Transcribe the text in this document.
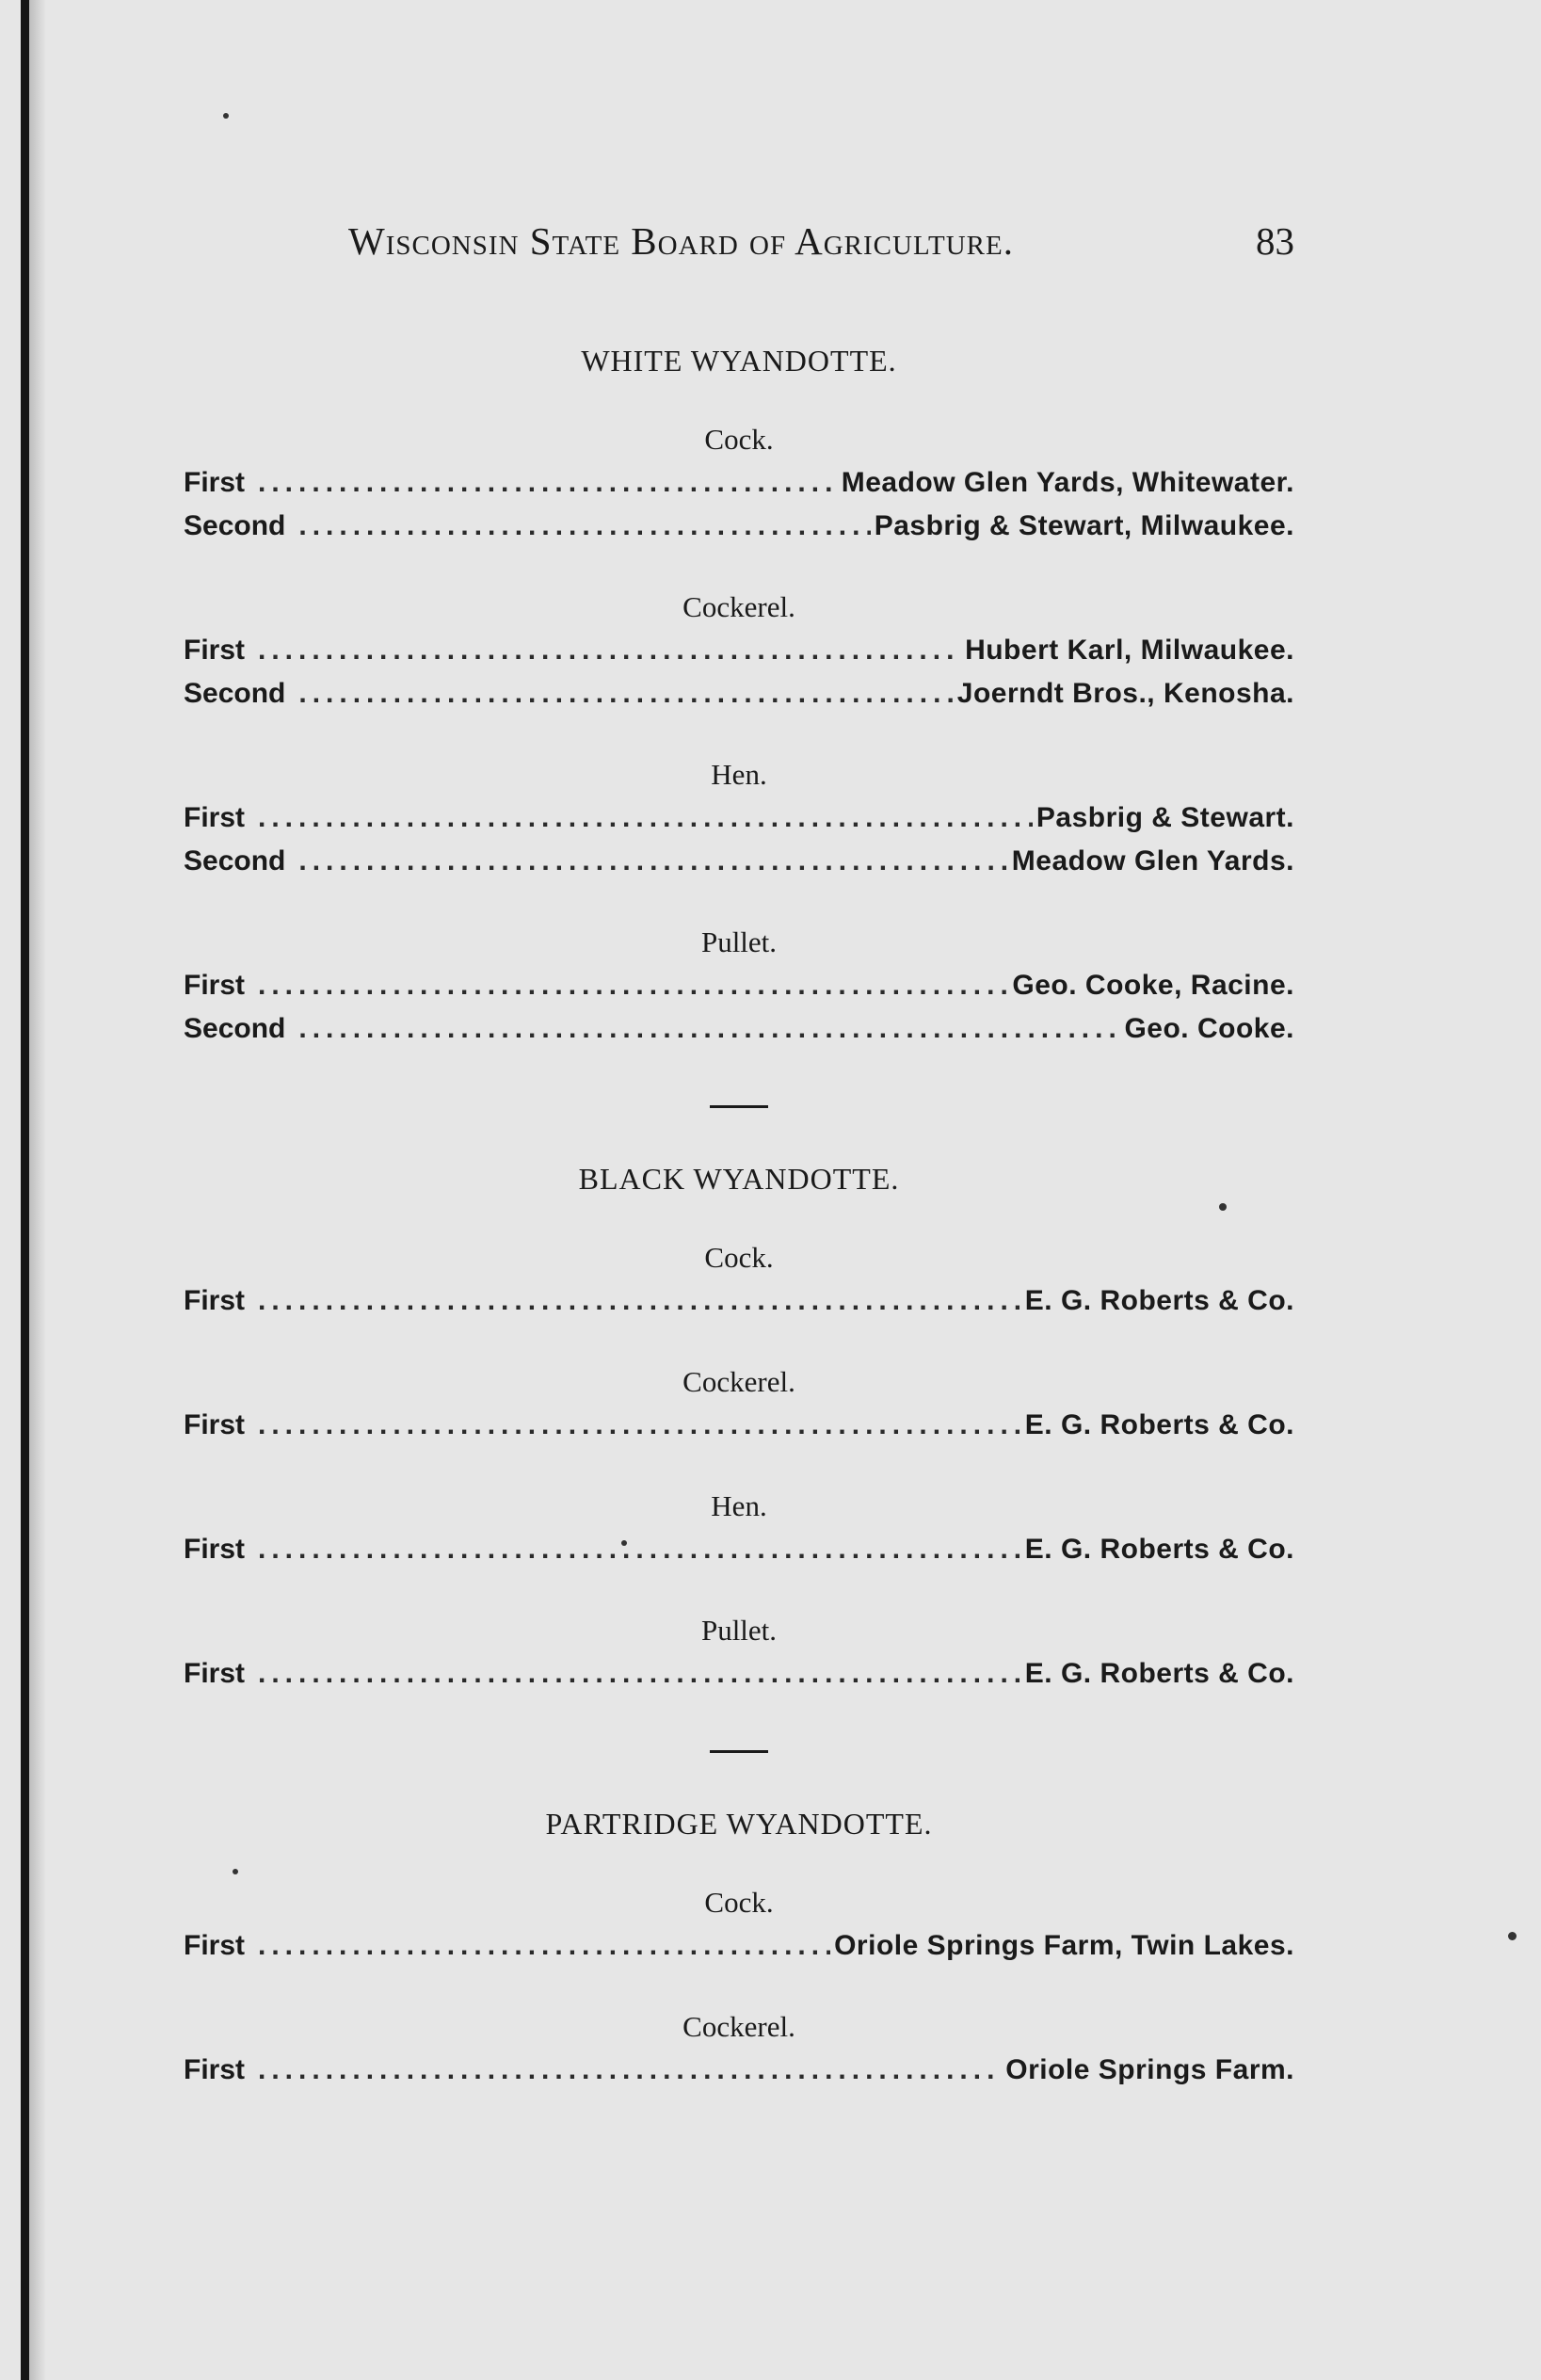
Wisconsin State Board of Agriculture.	83
WHITE WYANDOTTE.
Cock.
First .....	Meadow Glen Yards, Whitewater.
Second .....	Pasbrig & Stewart, Milwaukee.
Cockerel.
First .....	Hubert Karl, Milwaukee.
Second .....	Joerndt Bros., Kenosha.
Hen.
First .....	Pasbrig & Stewart.
Second .....	Meadow Glen Yards.
Pullet.
First .....	Geo. Cooke, Racine.
Second .....	Geo. Cooke.
BLACK WYANDOTTE.
Cock.
First .....	E. G. Roberts & Co.
Cockerel.
First .....	E. G. Roberts & Co.
Hen.
First .....	E. G. Roberts & Co.
Pullet.
First .....	E. G. Roberts & Co.
PARTRIDGE WYANDOTTE.
Cock.
First .....	Oriole Springs Farm, Twin Lakes.
Cockerel.
First .....	Oriole Springs Farm.
